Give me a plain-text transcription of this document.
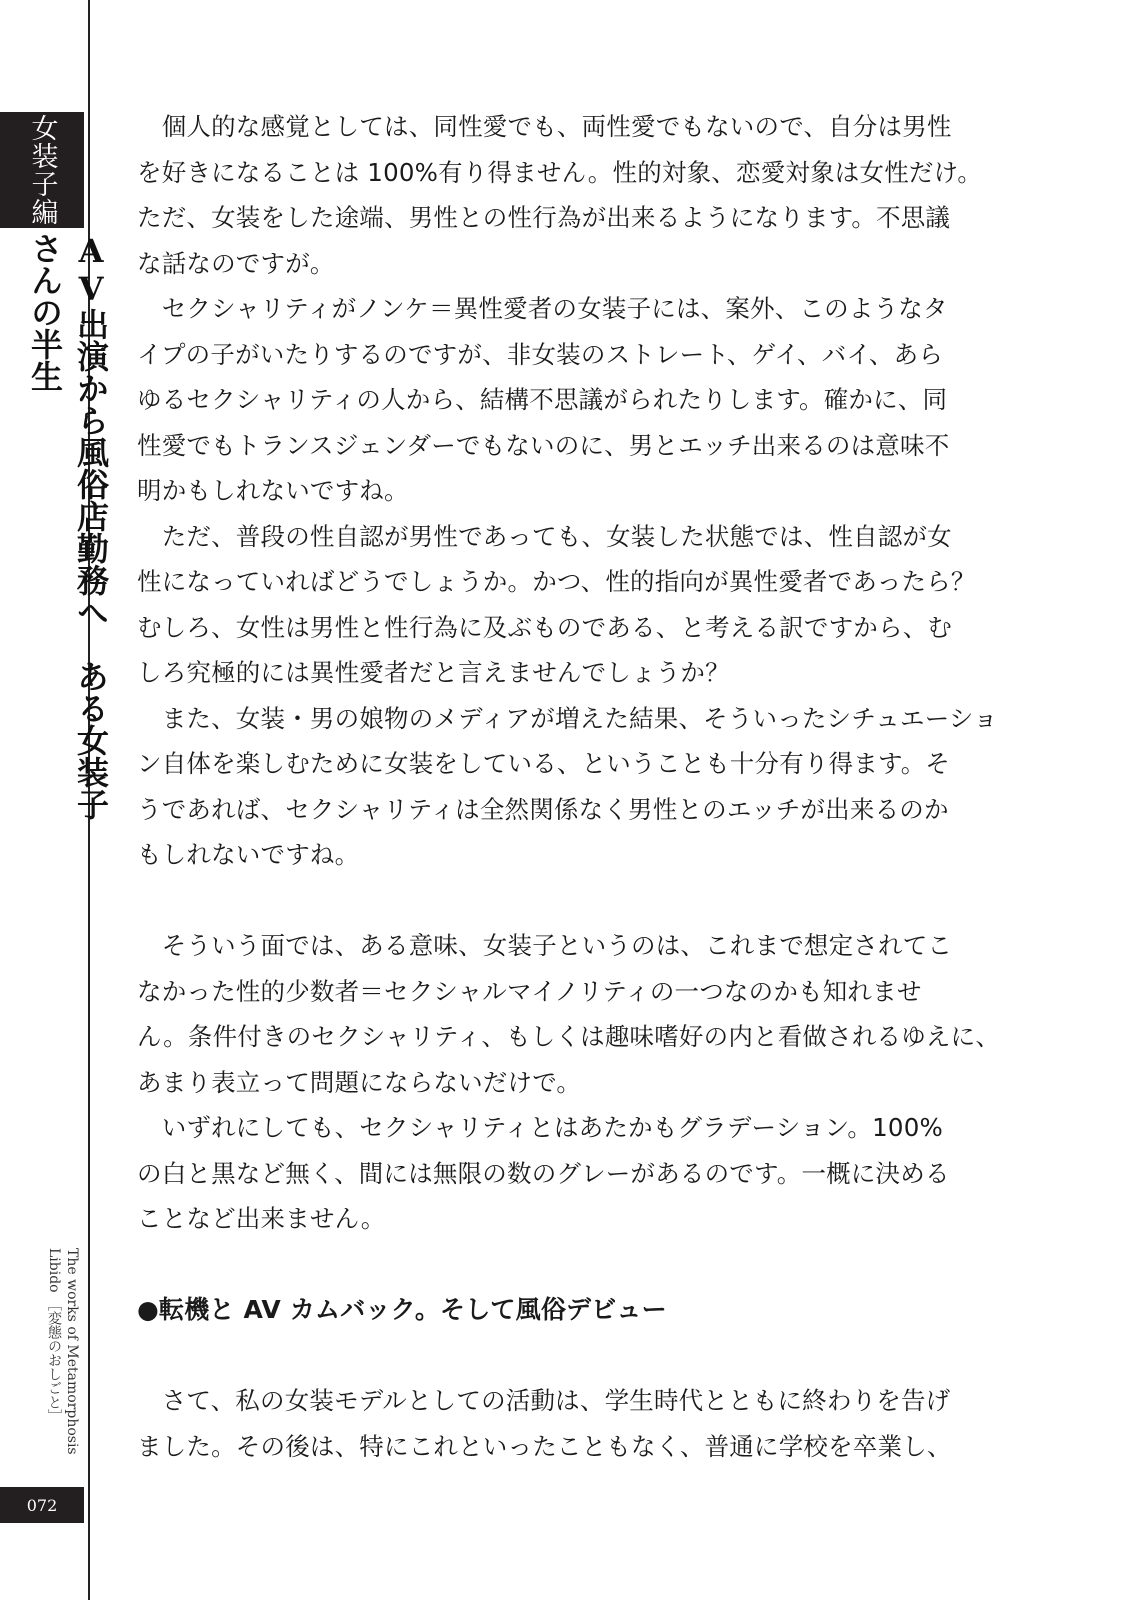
女装子編
AV出演から風俗店勤務へ　ある女装子さんの半生
The works of Metamorphosis Libido ［変態のおしごと］
072
　個人的な感覚としては、同性愛でも、両性愛でもないので、自分は男性
を好きになることは 100%有り得ません。性的対象、恋愛対象は女性だけ。
ただ、女装をした途端、男性との性行為が出来るようになります。不思議
な話なのですが。
　セクシャリティがノンケ＝異性愛者の女装子には、案外、このようなタ
イプの子がいたりするのですが、非女装のストレート、ゲイ、バイ、あら
ゆるセクシャリティの人から、結構不思議がられたりします。確かに、同
性愛でもトランスジェンダーでもないのに、男とエッチ出来るのは意味不
明かもしれないですね。
　ただ、普段の性自認が男性であっても、女装した状態では、性自認が女
性になっていればどうでしょうか。かつ、性的指向が異性愛者であったら？
むしろ、女性は男性と性行為に及ぶものである、と考える訳ですから、む
しろ究極的には異性愛者だと言えませんでしょうか？
　また、女装・男の娘物のメディアが増えた結果、そういったシチュエーショ
ン自体を楽しむために女装をしている、ということも十分有り得ます。そ
うであれば、セクシャリティは全然関係なく男性とのエッチが出来るのか
もしれないですね。
　そういう面では、ある意味、女装子というのは、これまで想定されてこ
なかった性的少数者＝セクシャルマイノリティの一つなのかも知れませ
ん。条件付きのセクシャリティ、もしくは趣味嗜好の内と看做されるゆえに、
あまり表立って問題にならないだけで。
　いずれにしても、セクシャリティとはあたかもグラデーション。100%
の白と黒など無く、間には無限の数のグレーがあるのです。一概に決める
ことなど出来ません。
●転機と AV カムバック。そして風俗デビュー
　さて、私の女装モデルとしての活動は、学生時代とともに終わりを告げ
ました。その後は、特にこれといったこともなく、普通に学校を卒業し、
